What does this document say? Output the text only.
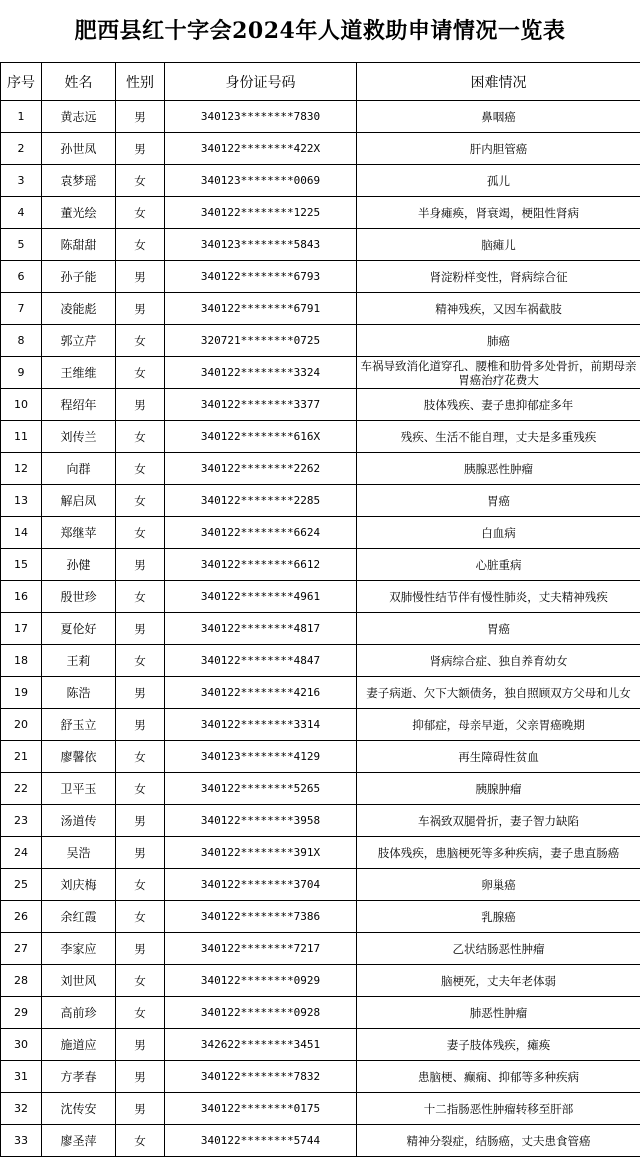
肥西县红十字会2024年人道救助申请情况一览表
序号	姓名	性别	身份证号码	困难情况
1	黄志远	男	340123********7830	鼻咽癌
2	孙世凤	男	340122********422X	肝内胆管癌
3	袁梦瑶	女	340123********0069	孤儿
4	董光绘	女	340122********1225	半身瘫痪，肾衰竭，梗阻性肾病
5	陈甜甜	女	340123********5843	脑瘫儿
6	孙子能	男	340122********6793	肾淀粉样变性，肾病综合征
7	凌能彪	男	340122********6791	精神残疾，又因车祸截肢
8	郭立芹	女	320721********0725	肺癌
9	王维维	女	340122********3324	车祸导致消化道穿孔、腰椎和肋骨多处骨折，前期母亲胃癌治疗花费大
10	程绍年	男	340122********3377	肢体残疾、妻子患抑郁症多年
11	刘传兰	女	340122********616X	残疾、生活不能自理，丈夫是多重残疾
12	向群	女	340122********2262	胰腺恶性肿瘤
13	解启凤	女	340122********2285	胃癌
14	郑继苹	女	340122********6624	白血病
15	孙健	男	340122********6612	心脏重病
16	殷世珍	女	340122********4961	双肺慢性结节伴有慢性肺炎，丈夫精神残疾
17	夏伦好	男	340122********4817	胃癌
18	王莉	女	340122********4847	肾病综合症、独自养育幼女
19	陈浩	男	340122********4216	妻子病逝、欠下大额债务，独自照顾双方父母和儿女
20	舒玉立	男	340122********3314	抑郁症，母亲早逝，父亲胃癌晚期
21	廖馨依	女	340123********4129	再生障碍性贫血
22	卫平玉	女	340122********5265	胰腺肿瘤
23	汤道传	男	340122********3958	车祸致双腿骨折，妻子智力缺陷
24	吴浩	男	340122********391X	肢体残疾，患脑梗死等多种疾病，妻子患直肠癌
25	刘庆梅	女	340122********3704	卵巢癌
26	余红霞	女	340122********7386	乳腺癌
27	李家应	男	340122********7217	乙状结肠恶性肿瘤
28	刘世风	女	340122********0929	脑梗死，丈夫年老体弱
29	高前珍	女	340122********0928	肺恶性肿瘤
30	施道应	男	342622********3451	妻子肢体残疾，瘫痪
31	方孝春	男	340122********7832	患脑梗、癫痫、抑郁等多种疾病
32	沈传安	男	340122********0175	十二指肠恶性肿瘤转移至肝部
33	廖圣萍	女	340122********5744	精神分裂症，结肠癌，丈夫患食管癌
